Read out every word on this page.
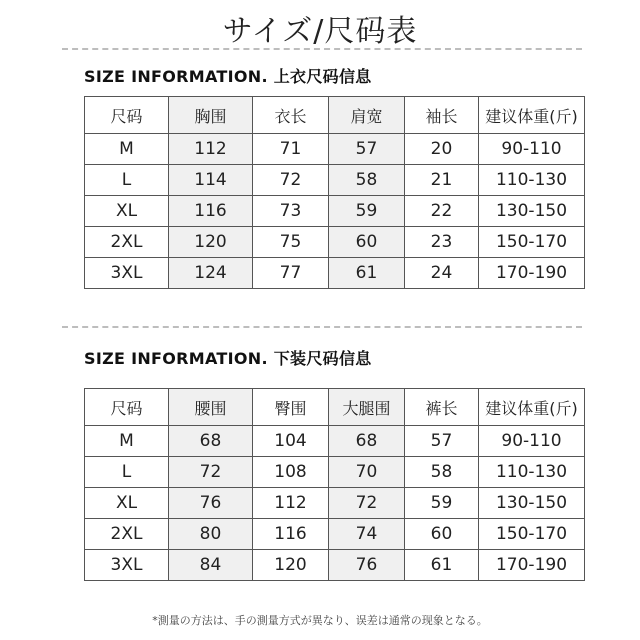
サイズ/尺码表
SIZE INFORMATION. 上衣尺码信息
尺码	胸围	衣长	肩宽	袖长	建议体重(斤)
M	112	71	57	20	90-110
L	114	72	58	21	110-130
XL	116	73	59	22	130-150
2XL	120	75	60	23	150-170
3XL	124	77	61	24	170-190
SIZE INFORMATION. 下装尺码信息
尺码	腰围	臀围	大腿围	裤长	建议体重(斤)
M	68	104	68	57	90-110
L	72	108	70	58	110-130
XL	76	112	72	59	130-150
2XL	80	116	74	60	150-170
3XL	84	120	76	61	170-190
*測量の方法は、手の測量方式が異なり、误差は通常の现象となる。
